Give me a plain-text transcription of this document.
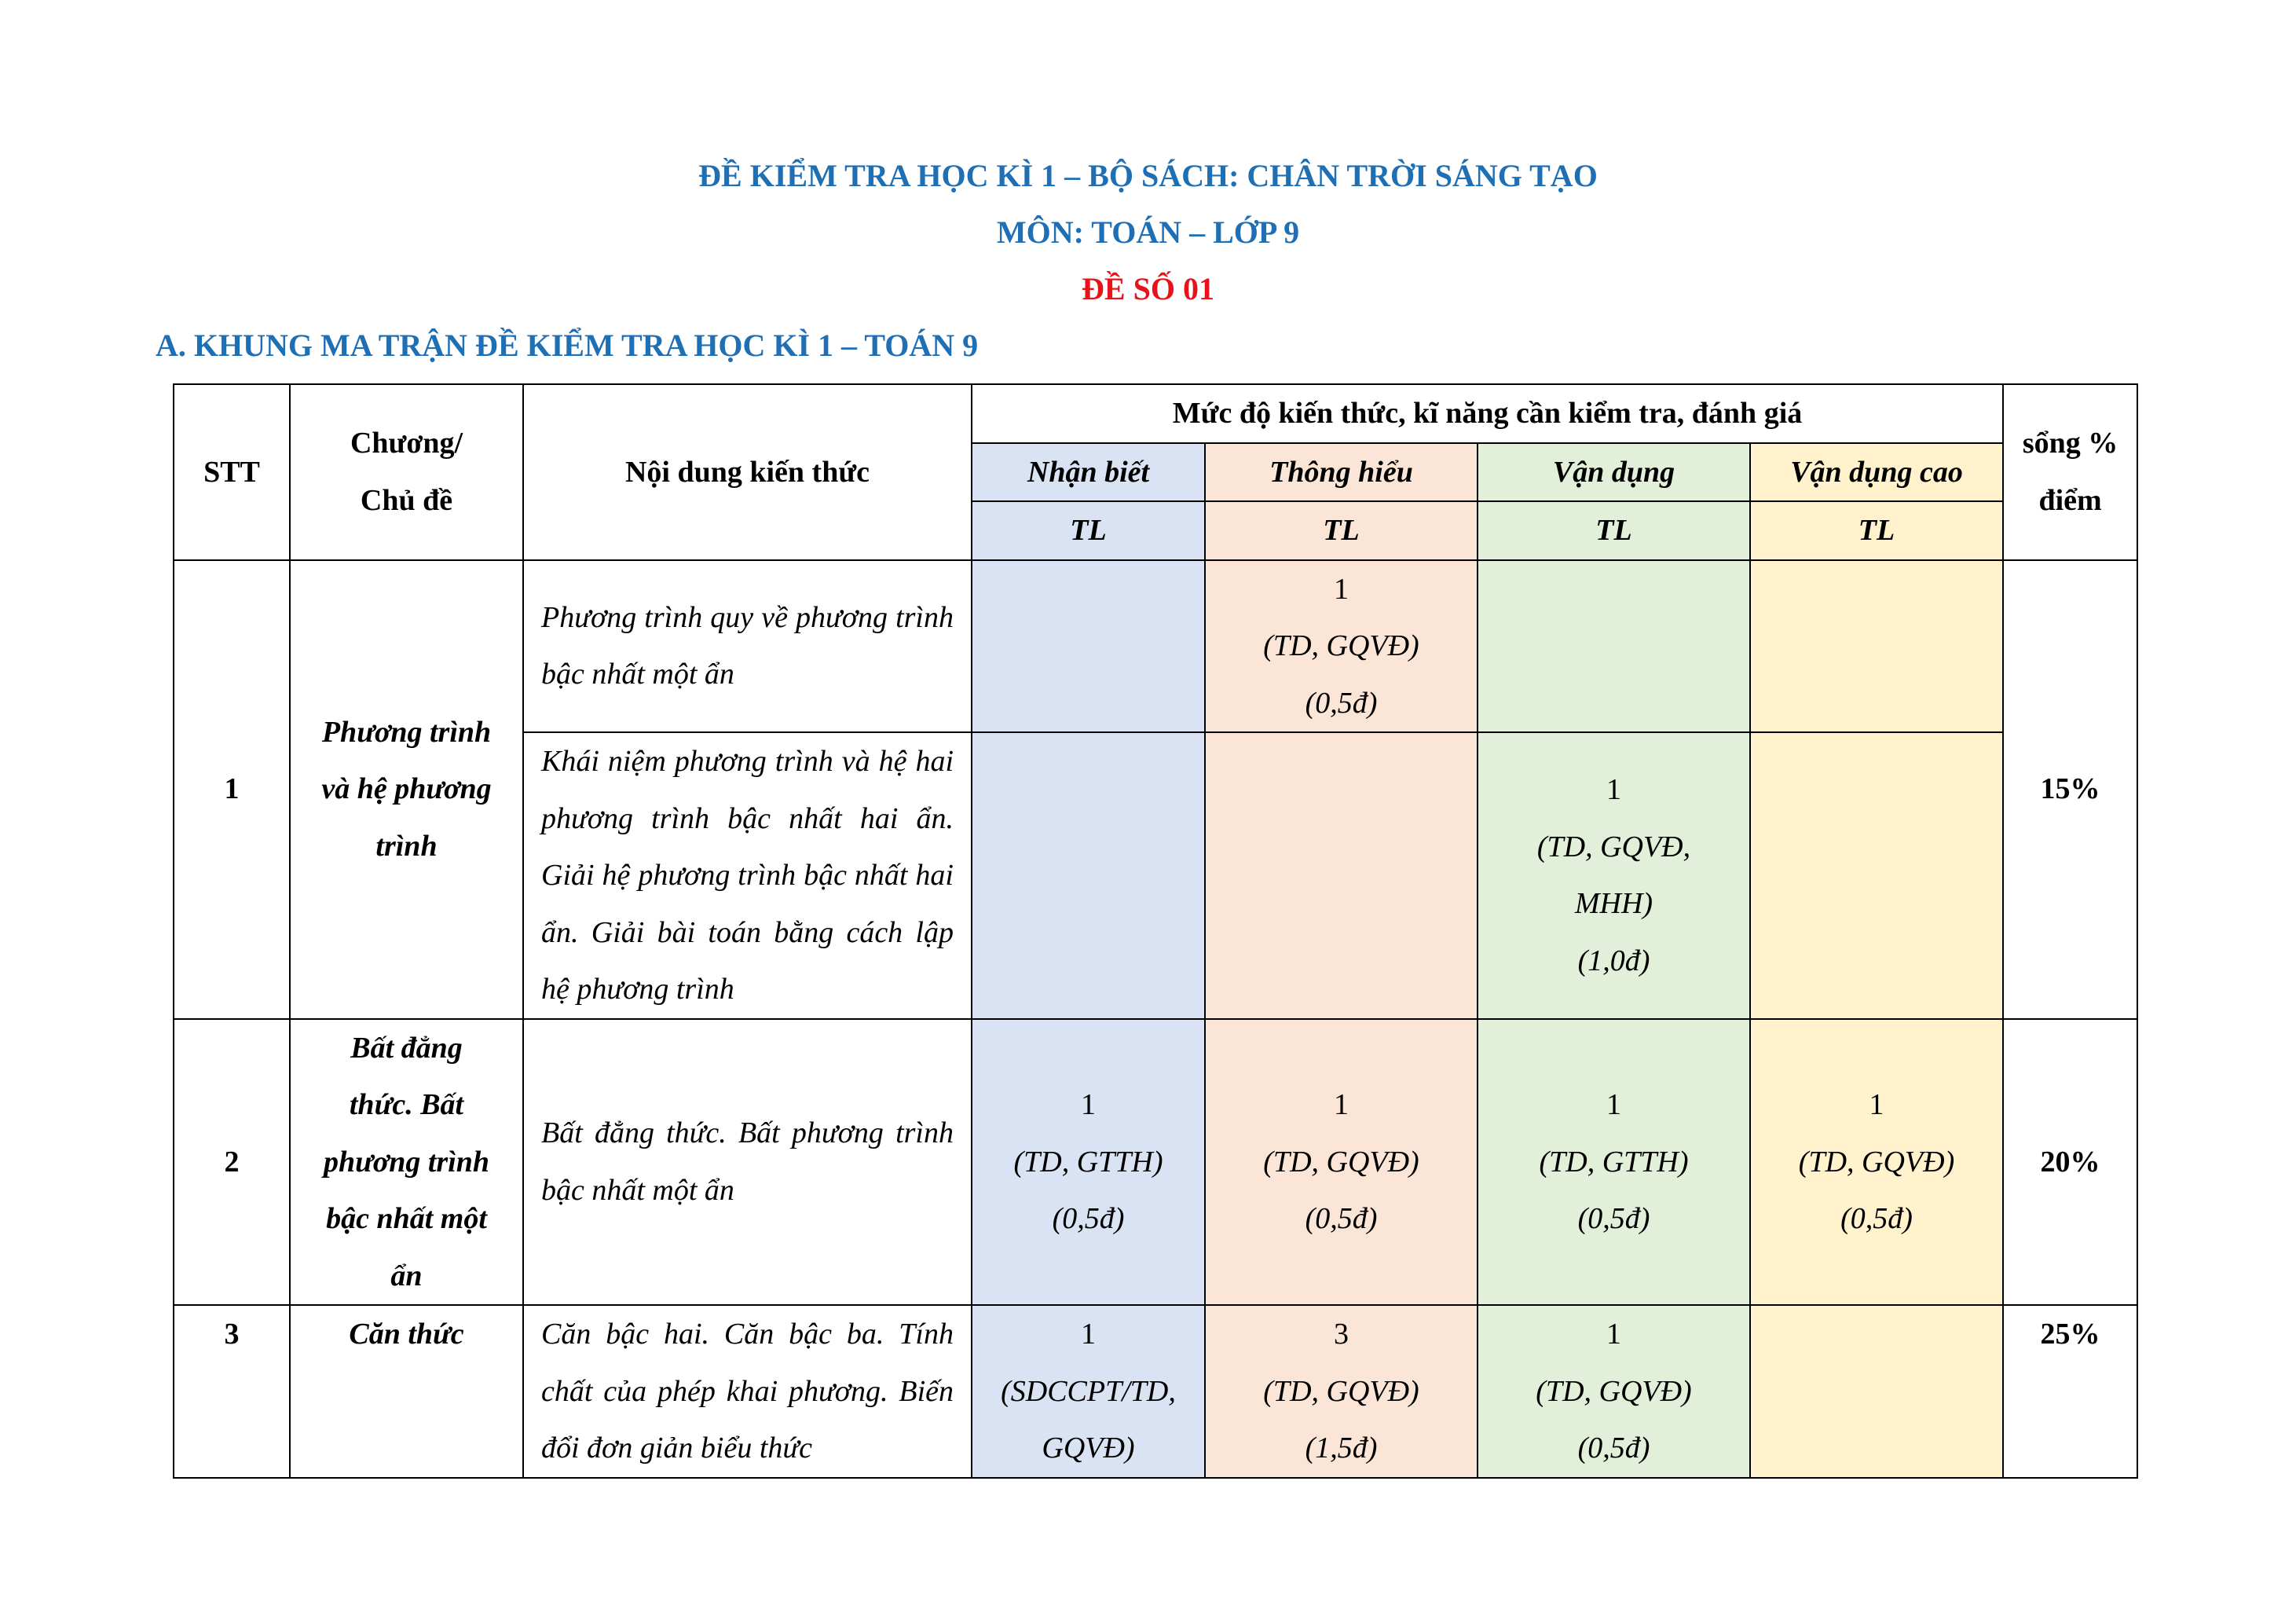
ĐỀ KIỂM TRA HỌC KÌ 1 – BỘ SÁCH: CHÂN TRỜI SÁNG TẠO
MÔN: TOÁN – LỚP 9
ĐỀ SỐ 01
A. KHUNG MA TRẬN ĐỀ KIỂM TRA HỌC KÌ 1 – TOÁN 9
STT	Chương/
Chủ đề	Nội dung kiến thức	Mức độ kiến thức, kĩ năng cần kiểm tra, đánh giá				sổng %
điểm

			Nhận biết	Thông hiểu	Vận dụng	Vận dụng cao	
			TL	TL	TL	TL	
1	Phương trình
và hệ phương
trình	Phương trình quy về phương trình bậc nhất một ẩn		1
(TD, GQVĐ)
(0,5đ)			15%
		Khái niệm phương trình và hệ hai phương trình bậc nhất hai ẩn. Giải hệ phương trình bậc nhất hai ẩn. Giải bài toán bằng cách lập hệ phương trình			1
(TD, GQVĐ,
MHH)
(1,0đ)		

2	Bất đẳng
thức. Bất
phương trình
bậc nhất một
ẩn	Bất đẳng thức. Bất phương trình bậc nhất một ẩn	1
(TD, GTTH)
(0,5đ)	1
(TD, GQVĐ)
(0,5đ)	1
(TD, GTTH)
(0,5đ)	1
(TD, GQVĐ)
(0,5đ)	20%
3	Căn thức	Căn bậc hai. Căn bậc ba. Tính chất của phép khai phương. Biến đổi đơn giản biểu thức	1
(SDCCPT/TD,
GQVĐ)	3
(TD, GQVĐ)
(1,5đ)	1
(TD, GQVĐ)
(0,5đ)		25%
